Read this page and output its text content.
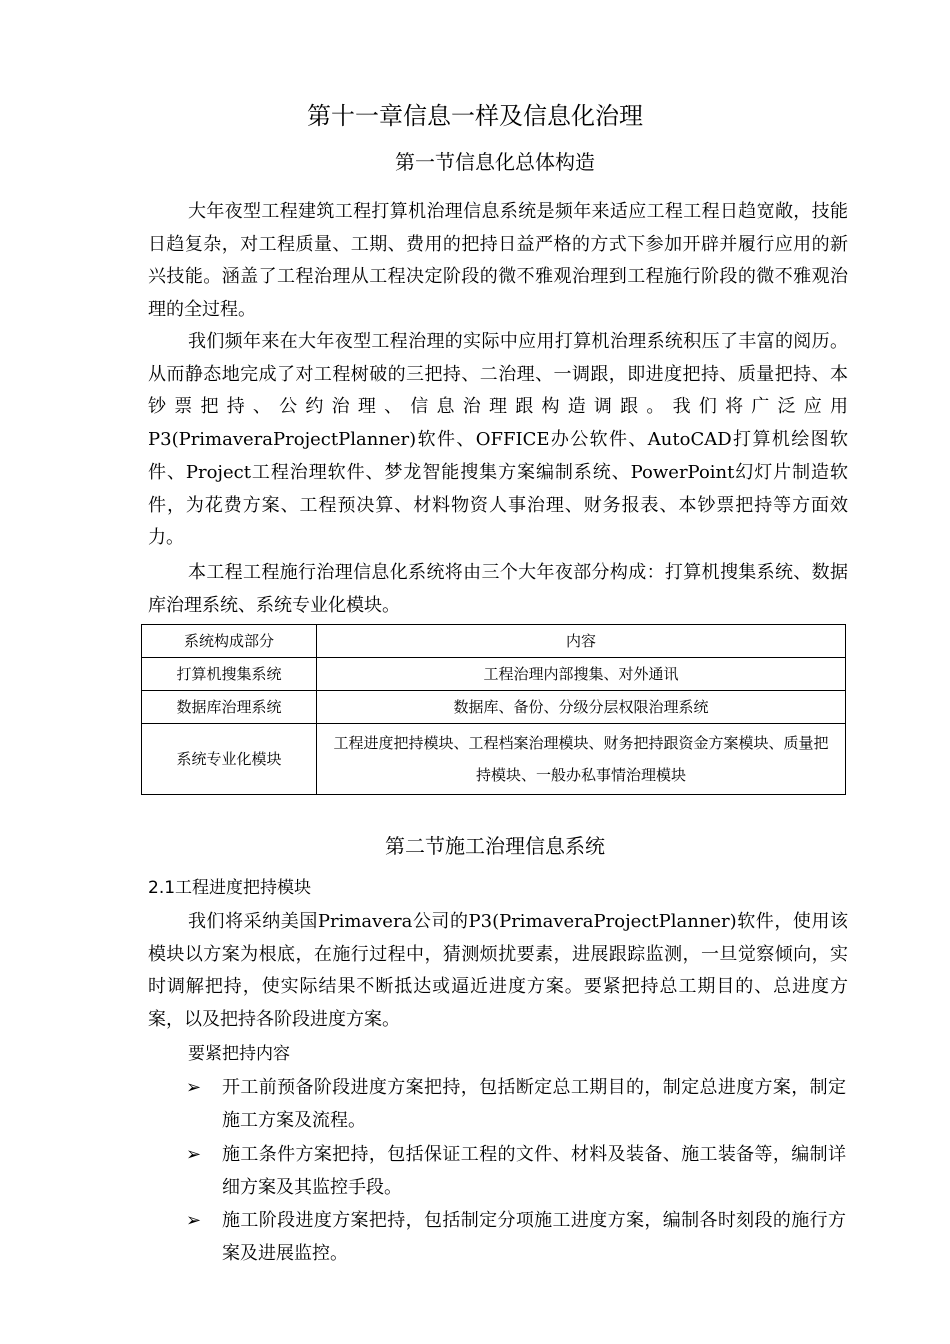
第十一章信息一样及信息化治理
第一节信息化总体构造

大年夜型工程建筑工程打算机治理信息系统是频年来适应工程工程日趋宽敞，技能日趋复杂，对工程质量、工期、费用的把持日益严格的方式下参加开辟并履行应用的新兴技能。涵盖了工程治理从工程决定阶段的微不雅观治理到工程施行阶段的微不雅观治理的全过程。

我们频年来在大年夜型工程治理的实际中应用打算机治理系统积压了丰富的阅历。从而静态地完成了对工程树破的三把持、二治理、一调跟，即进度把持、质量把持、本钞票把持、公约治理、信息治理跟构造调跟。我们将广泛应用P3(PrimaveraProjectPlanner)软件、OFFICE办公软件、AutoCAD打算机绘图软件、Project工程治理软件、梦龙智能搜集方案编制系统、PowerPoint幻灯片制造软件，为花费方案、工程预决算、材料物资人事治理、财务报表、本钞票把持等方面效力。

本工程工程施行治理信息化系统将由三个大年夜部分构成：打算机搜集系统、数据库治理系统、系统专业化模块。

系统构成部分	内容
打算机搜集系统	工程治理内部搜集、对外通讯
数据库治理系统	数据库、备份、分级分层权限治理系统
系统专业化模块	工程进度把持模块、工程档案治理模块、财务把持跟资金方案模块、质量把持模块、一般办私事情治理模块
第二节施工治理信息系统
2.1工程进度把持模块

我们将采纳美国Primavera公司的P3(PrimaveraProjectPlanner)软件，使用该模块以方案为根底，在施行过程中，猜测烦扰要素，进展跟踪监测，一旦觉察倾向，实时调解把持，使实际结果不断抵达或逼近进度方案。要紧把持总工期目的、总进度方案，以及把持各阶段进度方案。

要紧把持内容
➢	开工前预备阶段进度方案把持，包括断定总工期目的，制定总进度方案，制定施工方案及流程。
➢	施工条件方案把持，包括保证工程的文件、材料及装备、施工装备等，编制详细方案及其监控手段。
➢	施工阶段进度方案把持，包括制定分项施工进度方案，编制各时刻段的施行方案及进展监控。
